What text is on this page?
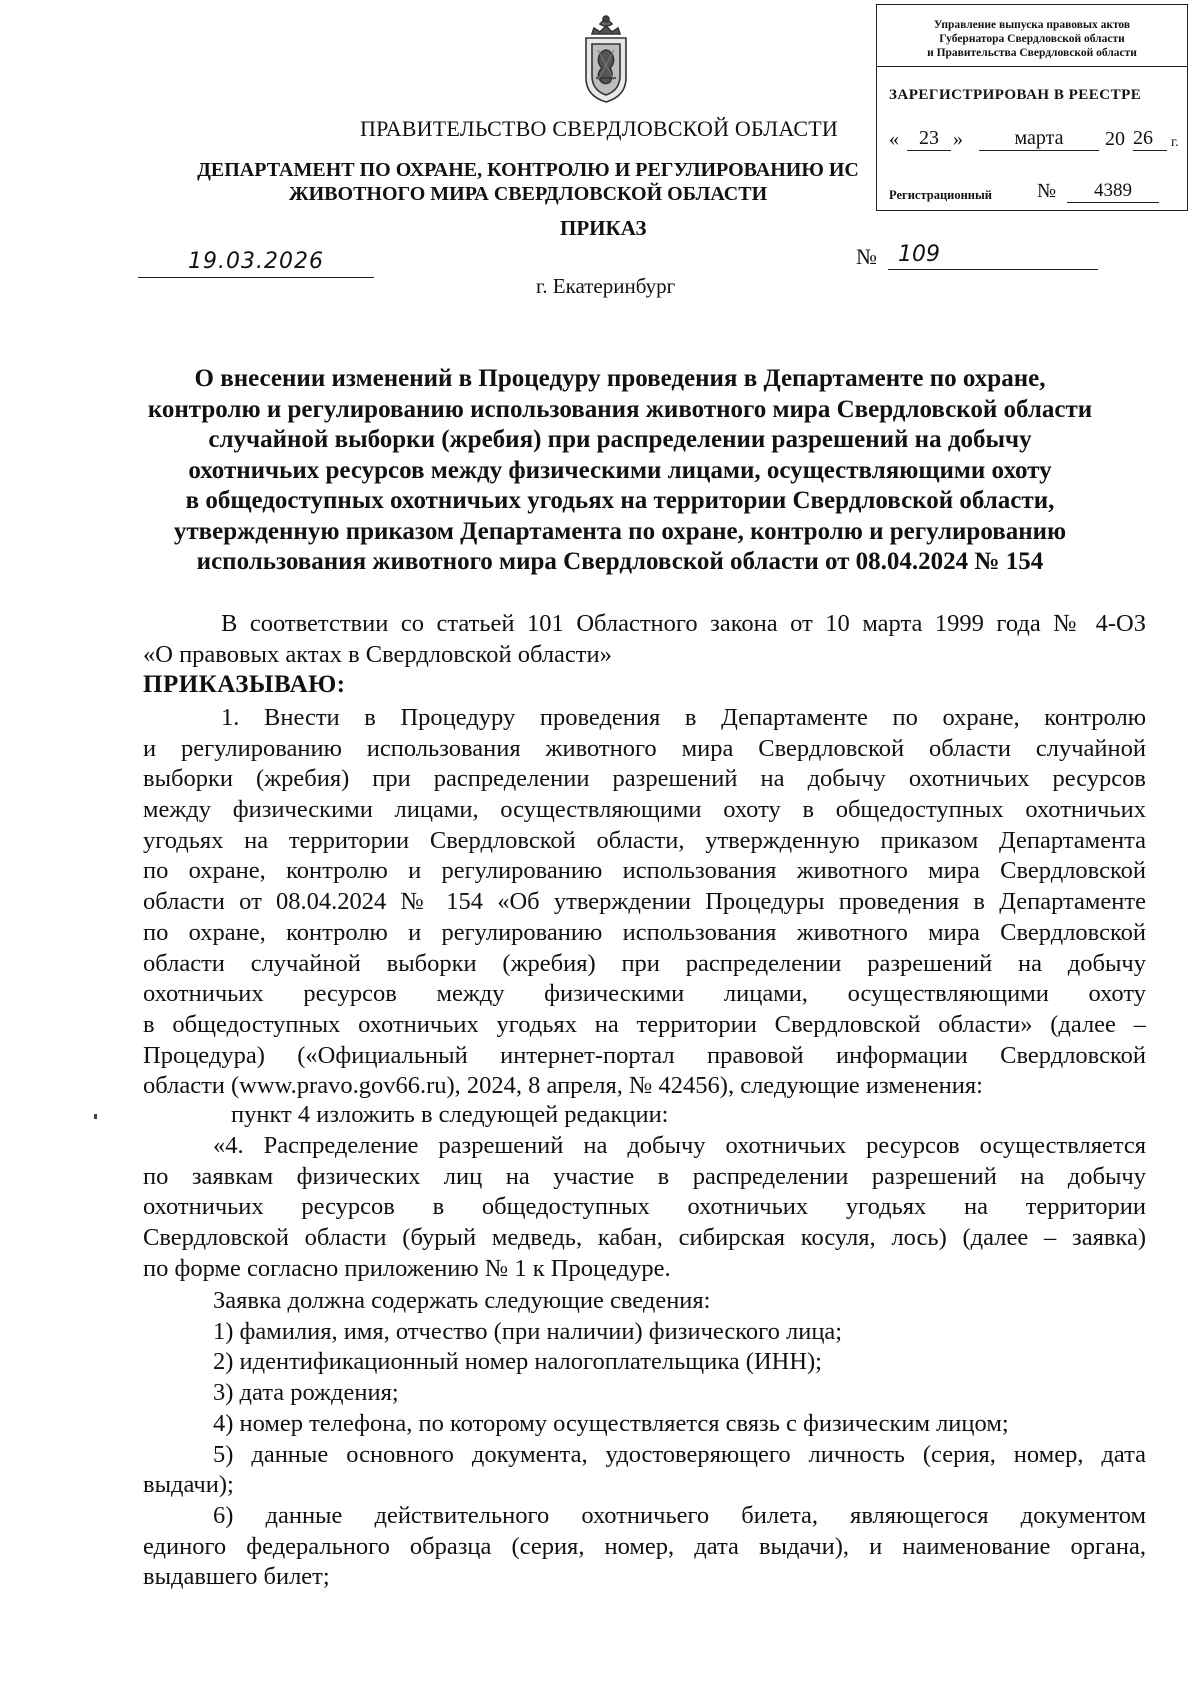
ПРАВИТЕЛЬСТВО СВЕРДЛОВСКОЙ ОБЛАСТИ
ДЕПАРТАМЕНТ ПО ОХРАНЕ, КОНТРОЛЮ И РЕГУЛИРОВАНИЮ ИС
ЖИВОТНОГО МИРА СВЕРДЛОВСКОЙ ОБЛАСТИ
ПРИКАЗ
19.03.2026	№ 109
г. Екатеринбург
Управление выпуска правовых актов
Губернатора Свердловской области
и Правительства Свердловской области
ЗАРЕГИСТРИРОВАН В РЕЕСТРЕ
«	23 »	марта	20 26	г.
Регистрационный №	4389
О внесении изменений в Процедуру проведения в Департаменте по охране,
контролю и регулированию использования животного мира Свердловской области
случайной выборки (жребия) при распределении разрешений на добычу
охотничьих ресурсов между физическими лицами, осуществляющими охоту
в общедоступных охотничьих угодьях на территории Свердловской области,
утвержденную приказом Департамента по охране, контролю и регулированию
использования животного мира Свердловской области от 08.04.2024 № 154
В соответствии со статьей 101 Областного закона от 10 марта 1999 года № 4-ОЗ
«О правовых актах в Свердловской области»
ПРИКАЗЫВАЮ:
1. Внести в Процедуру проведения в Департаменте по охране, контролю
и регулированию использования животного мира Свердловской области случайной
выборки (жребия) при распределении разрешений на добычу охотничьих ресурсов
между физическими лицами, осуществляющими охоту в общедоступных охотничьих
угодьях на территории Свердловской области, утвержденную приказом Департамента
по охране, контролю и регулированию использования животного мира Свердловской
области от 08.04.2024 № 154 «Об утверждении Процедуры проведения в Департаменте
по охране, контролю и регулированию использования животного мира Свердловской
области случайной выборки (жребия) при распределении разрешений на добычу
охотничьих ресурсов между физическими лицами, осуществляющими охоту
в общедоступных охотничьих угодьях на территории Свердловской области» (далее –
Процедура) («Официальный интернет-портал правовой информации Свердловской
области (www.pravo.gov66.ru), 2024, 8 апреля, № 42456), следующие изменения:
пункт 4 изложить в следующей редакции:
«4. Распределение разрешений на добычу охотничьих ресурсов осуществляется
по заявкам физических лиц на участие в распределении разрешений на добычу
охотничьих ресурсов в общедоступных охотничьих угодьях на территории
Свердловской области (бурый медведь, кабан, сибирская косуля, лось) (далее – заявка)
по форме согласно приложению № 1 к Процедуре.
Заявка должна содержать следующие сведения:
1) фамилия, имя, отчество (при наличии) физического лица;
2) идентификационный номер налогоплательщика (ИНН);
3) дата рождения;
4) номер телефона, по которому осуществляется связь с физическим лицом;
5) данные основного документа, удостоверяющего личность (серия, номер, дата
выдачи);
6) данные действительного охотничьего билета, являющегося документом
единого федерального образца (серия, номер, дата выдачи), и наименование органа,
выдавшего билет;
